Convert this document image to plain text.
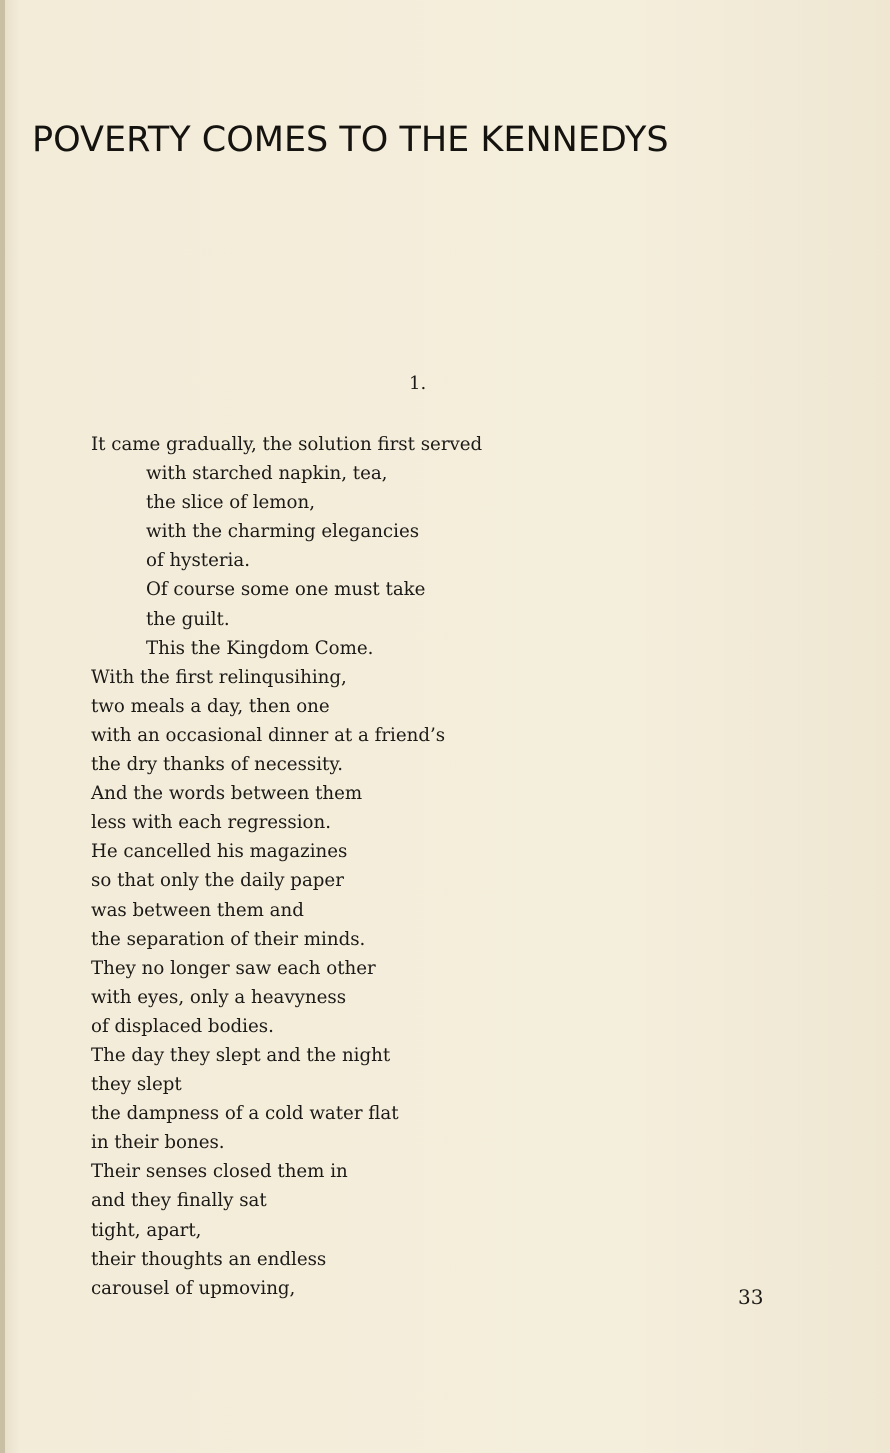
POVERTY COMES TO THE KENNEDYS
1.
It came gradually, the solution first served
with starched napkin, tea,
the slice of lemon,
with the charming elegancies
of hysteria.
Of course some one must take
the guilt.
This the Kingdom Come.
With the first relinqusihing,
two meals a day, then one
with an occasional dinner at a friend’s
the dry thanks of necessity.
And the words between them
less with each regression.
He cancelled his magazines
so that only the daily paper
was between them and
the separation of their minds.
They no longer saw each other
with eyes, only a heavyness
of displaced bodies.
The day they slept and the night
they slept
the dampness of a cold water flat
in their bones.
Their senses closed them in
and they finally sat
tight, apart,
their thoughts an endless
carousel of upmoving,	33
